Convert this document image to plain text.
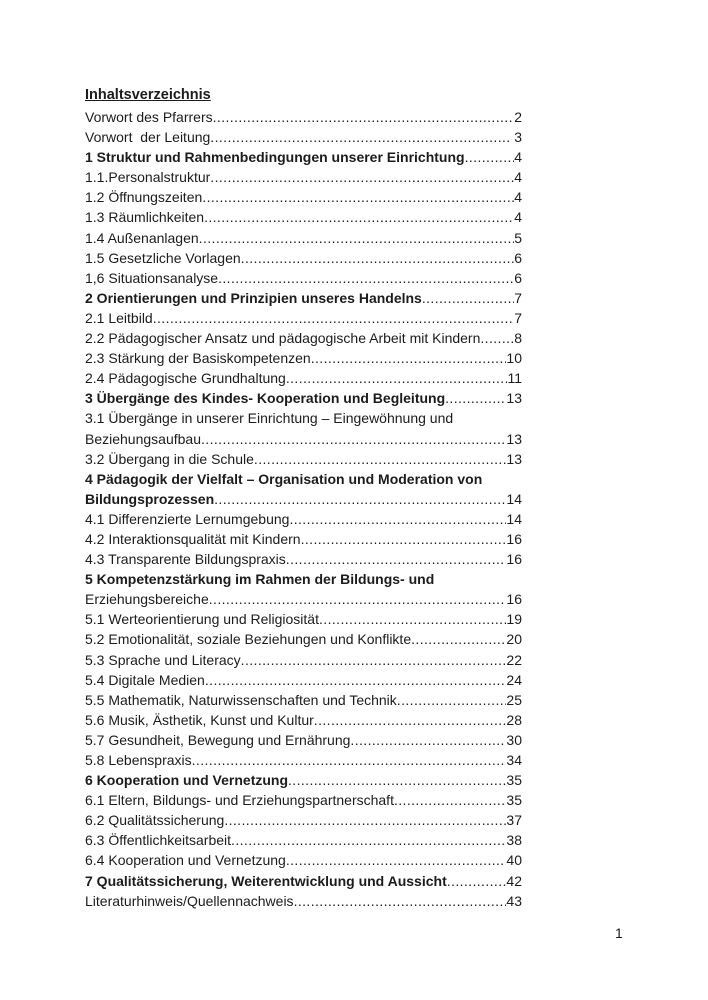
Inhaltsverzeichnis
Vorwort des Pfarrers .....	2
Vorwort  der Leitung .....	3
1 Struktur und Rahmenbedingungen unserer Einrichtung .....	4
1.1.Personalstruktur .....	4
1.2 Öffnungszeiten .....	4
1.3 Räumlichkeiten .....	4
1.4 Außenanlagen .....	5
1.5 Gesetzliche Vorlagen .....	6
1,6 Situationsanalyse .....	6
2 Orientierungen und Prinzipien unseres Handelns .....	7
2.1 Leitbild .....	7
2.2 Pädagogischer Ansatz und pädagogische Arbeit mit Kindern ..... 8
2.3 Stärkung der Basiskompetenzen .....	10
2.4 Pädagogische Grundhaltung .....	11
3 Übergänge des Kindes- Kooperation und Begleitung .....	13
3.1 Übergänge in unserer Einrichtung – Eingewöhnung und
Beziehungsaufbau .....	13
3.2 Übergang in die Schule .....	13
4 Pädagogik der Vielfalt – Organisation und Moderation von
Bildungsprozessen .....	14
4.1 Differenzierte Lernumgebung .....	14
4.2 Interaktionsqualität mit Kindern .....	16
4.3 Transparente Bildungspraxis .....	16
5 Kompetenzstärkung im Rahmen der Bildungs- und
Erziehungsbereiche .....	16
5.1 Werteorientierung und Religiosität .....	19
5.2 Emotionalität, soziale Beziehungen und Konflikte .....	20
5.3 Sprache und Literacy .....	22
5.4 Digitale Medien .....	24
5.5 Mathematik, Naturwissenschaften und Technik .....	25
5.6 Musik, Ästhetik, Kunst und Kultur .....	28
5.7 Gesundheit, Bewegung und Ernährung .....	30
5.8 Lebenspraxis .....	34
6 Kooperation und Vernetzung .....	35
6.1 Eltern, Bildungs- und Erziehungspartnerschaft .....	35
6.2 Qualitätssicherung .....	37
6.3 Öffentlichkeitsarbeit .....	38
6.4 Kooperation und Vernetzung .....	40
7 Qualitätssicherung, Weiterentwicklung und Aussicht .....	42
Literaturhinweis/Quellennachweis .....	43
1
